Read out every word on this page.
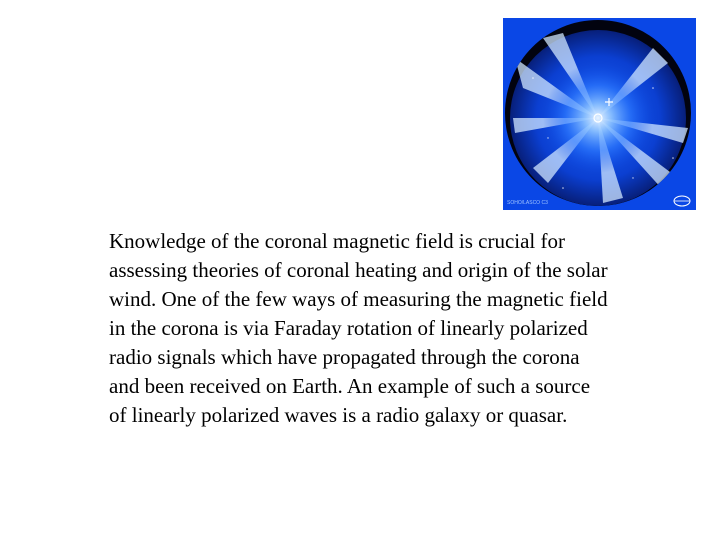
SOHO/LASCO C3

Knowledge of the coronal magnetic field is crucial for assessing theories of coronal heating and origin of the solar wind. One of the few ways of measuring the magnetic field in the corona is via Faraday rotation of linearly polarized radio signals which have propagated through the corona and been received on Earth. An example of such a source of linearly polarized waves is a radio galaxy or quasar.
